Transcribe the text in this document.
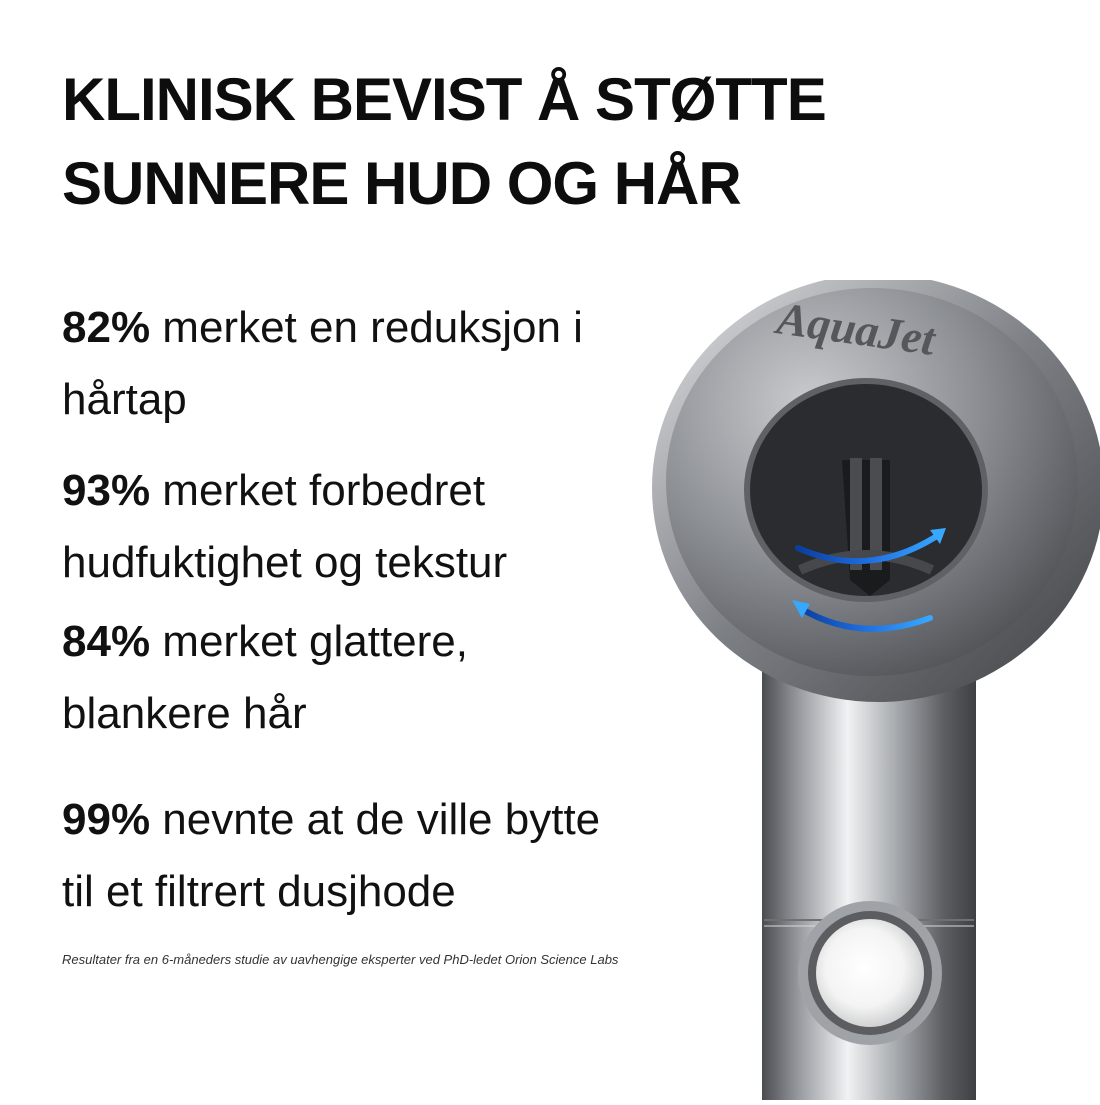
KLINISK BEVIST Å STØTTE
SUNNERE HUD OG HÅR
82% merket en reduksjon i
hårtap
93% merket forbedret
hudfuktighet og tekstur
84% merket glattere,
blankere hår
99% nevnte at de ville bytte
til et filtrert dusjhode
Resultater fra en 6-måneders studie av uavhengige eksperter ved PhD-ledet Orion Science Labs
AquaJet
